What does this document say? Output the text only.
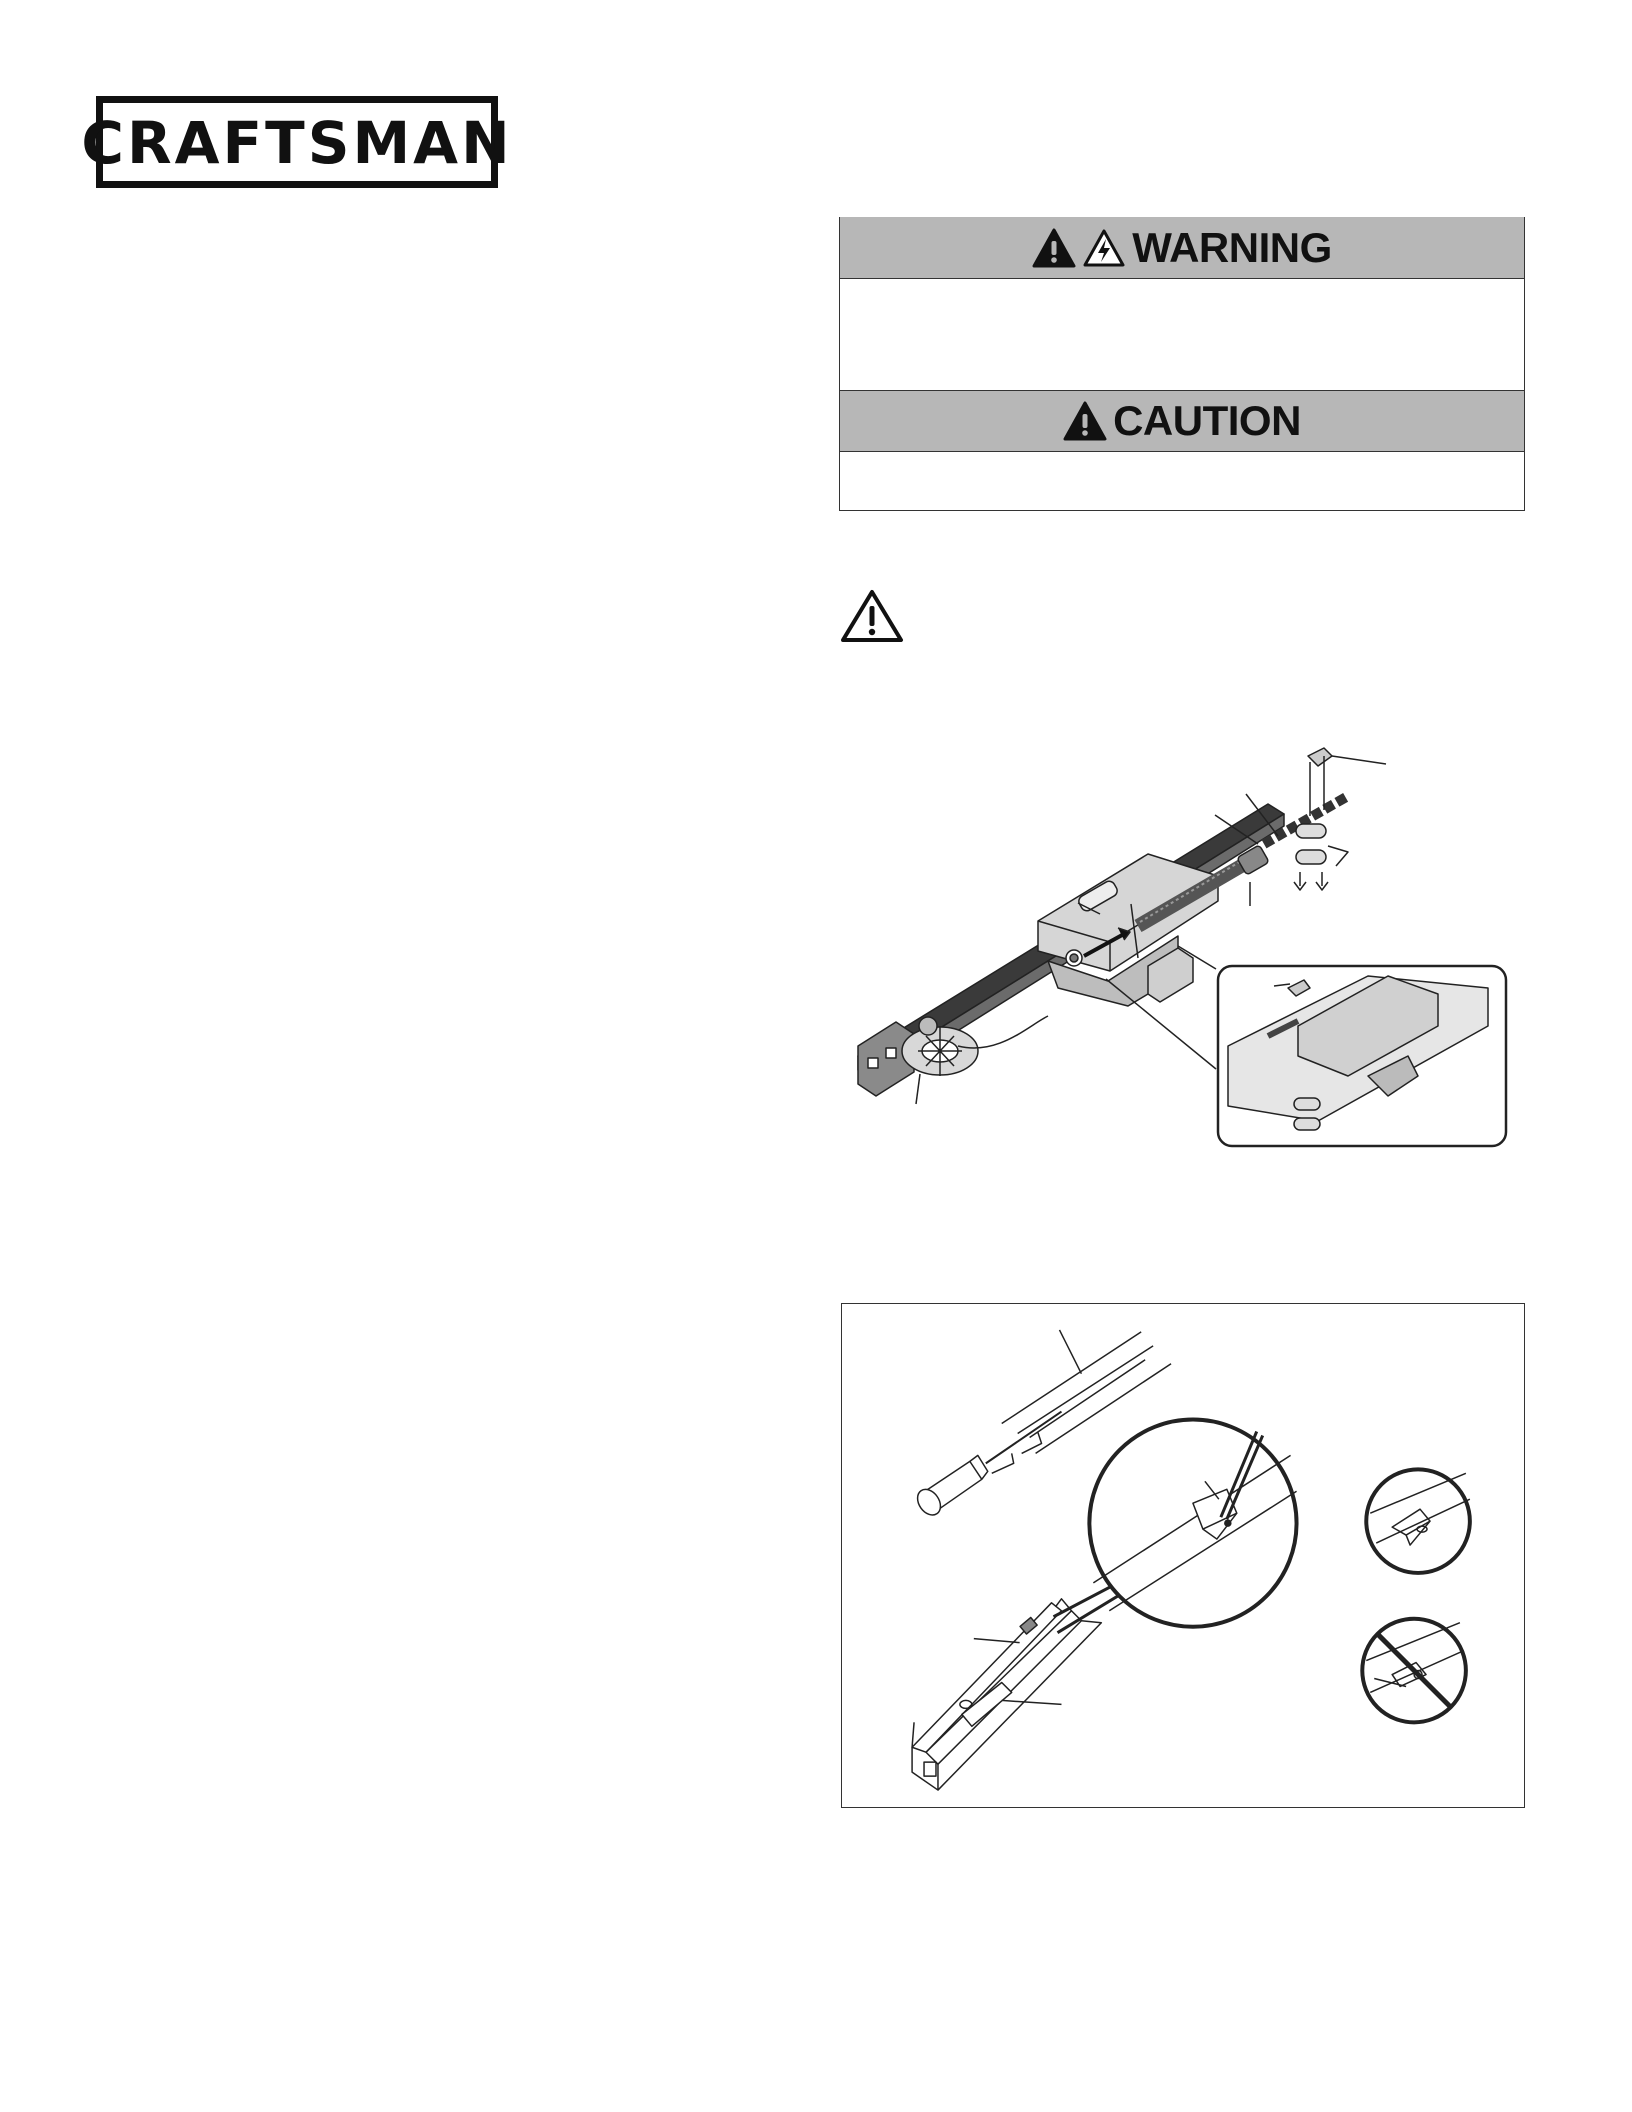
CRAFTSMAN
WARNING
CAUTION
